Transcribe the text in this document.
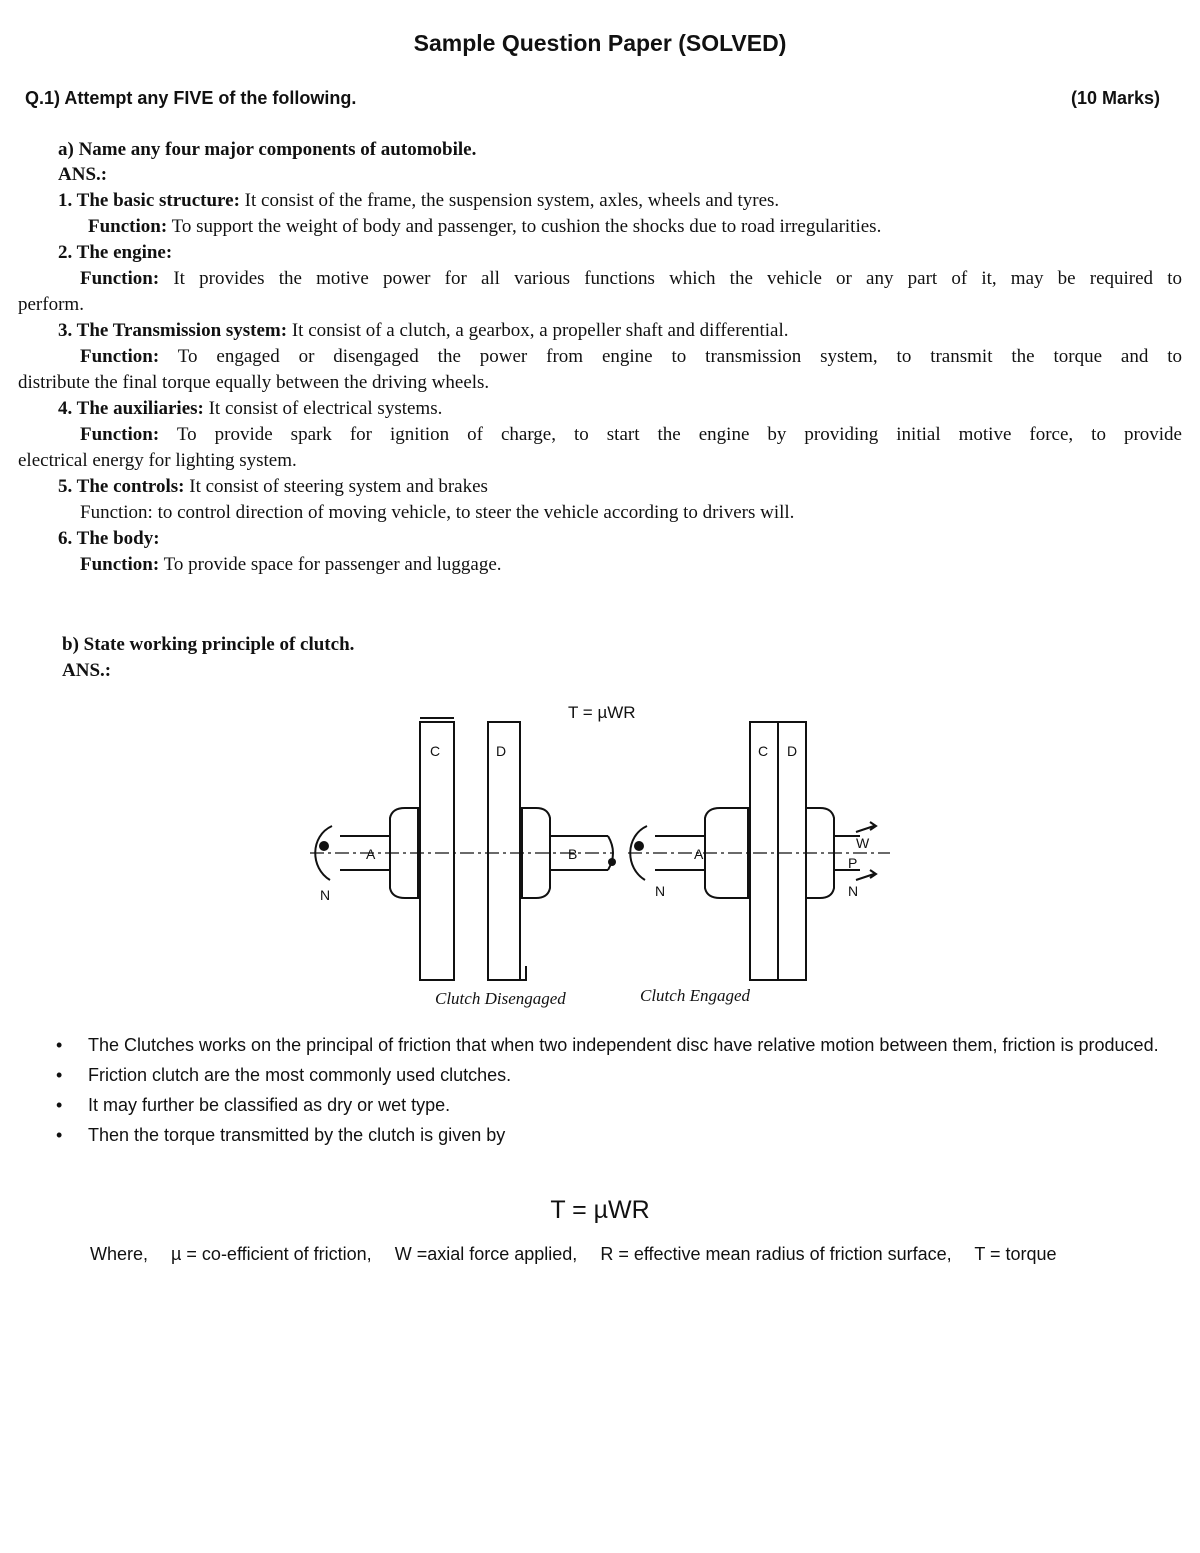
Sample Question Paper (SOLVED)
Q.1) Attempt any FIVE of the following.	(10 Marks)
a) Name any four major components of automobile.
ANS.:
1. The basic structure: It consist of the frame, the suspension system, axles, wheels and tyres.
Function: To support the weight of body and passenger, to cushion the shocks due to road irregularities.
2. The engine:
Function: It provides the motive power for all various functions which the vehicle or any part of it, may be required to
perform.
3. The Transmission system: It consist of a clutch, a gearbox, a propeller shaft and differential.
Function: To engaged or disengaged the power from engine to transmission system, to transmit the torque and to
distribute the final torque equally between the driving wheels.
4. The auxiliaries: It consist of electrical systems.
Function: To provide spark for ignition of charge, to start the engine by providing initial motive force, to provide
electrical energy for lighting system.
5. The controls: It consist of steering system and brakes
Function: to control direction of moving vehicle, to steer the vehicle according to drivers will.
6. The body:
Function: To provide space for passenger and luggage.
b) State working principle of clutch.
ANS.:
T = µWR
C	D
A	B
N
C D
A
N
W
P
N
Clutch Disengaged	Clutch Engaged
• The Clutches works on the principal of friction that when two independent disc have relative motion between them, friction is produced.
• Friction clutch are the most commonly used clutches.
• It may further be classified as dry or wet type.
• Then the torque transmitted by the clutch is given by
T = µWR
Where, µ = co-efficient of friction, W =axial force applied, R = effective mean radius of friction surface, T = torque
